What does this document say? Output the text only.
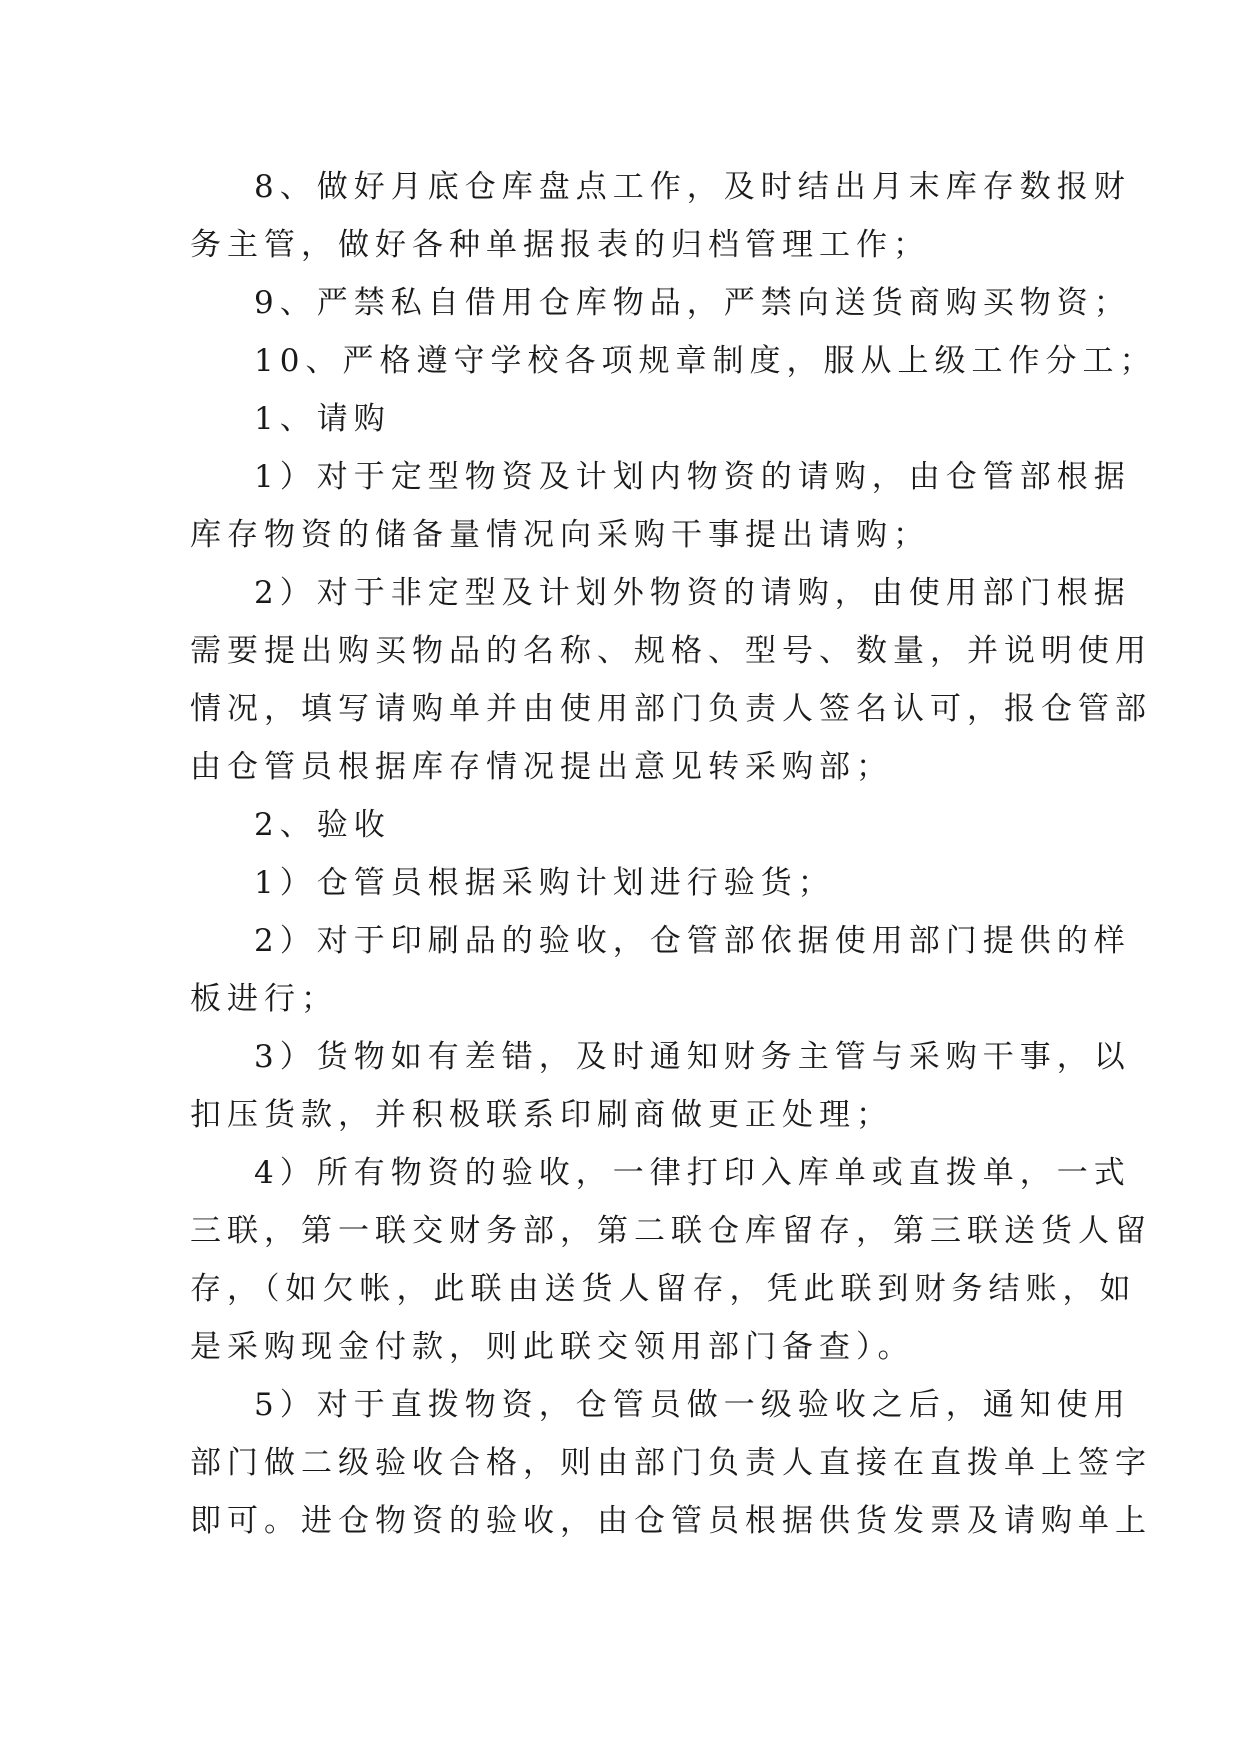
8、做好月底仓库盘点工作，及时结出月末库存数报财
务主管，做好各种单据报表的归档管理工作；
9、严禁私自借用仓库物品，严禁向送货商购买物资；
10、严格遵守学校各项规章制度，服从上级工作分工；
1、请购
1）对于定型物资及计划内物资的请购，由仓管部根据
库存物资的储备量情况向采购干事提出请购；
2）对于非定型及计划外物资的请购，由使用部门根据
需要提出购买物品的名称、规格、型号、数量，并说明使用
情况，填写请购单并由使用部门负责人签名认可，报仓管部
由仓管员根据库存情况提出意见转采购部；
2、验收
1）仓管员根据采购计划进行验货；
2）对于印刷品的验收，仓管部依据使用部门提供的样
板进行；
3）货物如有差错，及时通知财务主管与采购干事，以
扣压货款，并积极联系印刷商做更正处理；
4）所有物资的验收，一律打印入库单或直拨单，一式
三联，第一联交财务部，第二联仓库留存，第三联送货人留
存，（如欠帐，此联由送货人留存，凭此联到财务结账，如
是采购现金付款，则此联交领用部门备查）。
5）对于直拨物资，仓管员做一级验收之后，通知使用
部门做二级验收合格，则由部门负责人直接在直拨单上签字
即可。进仓物资的验收，由仓管员根据供货发票及请购单上
